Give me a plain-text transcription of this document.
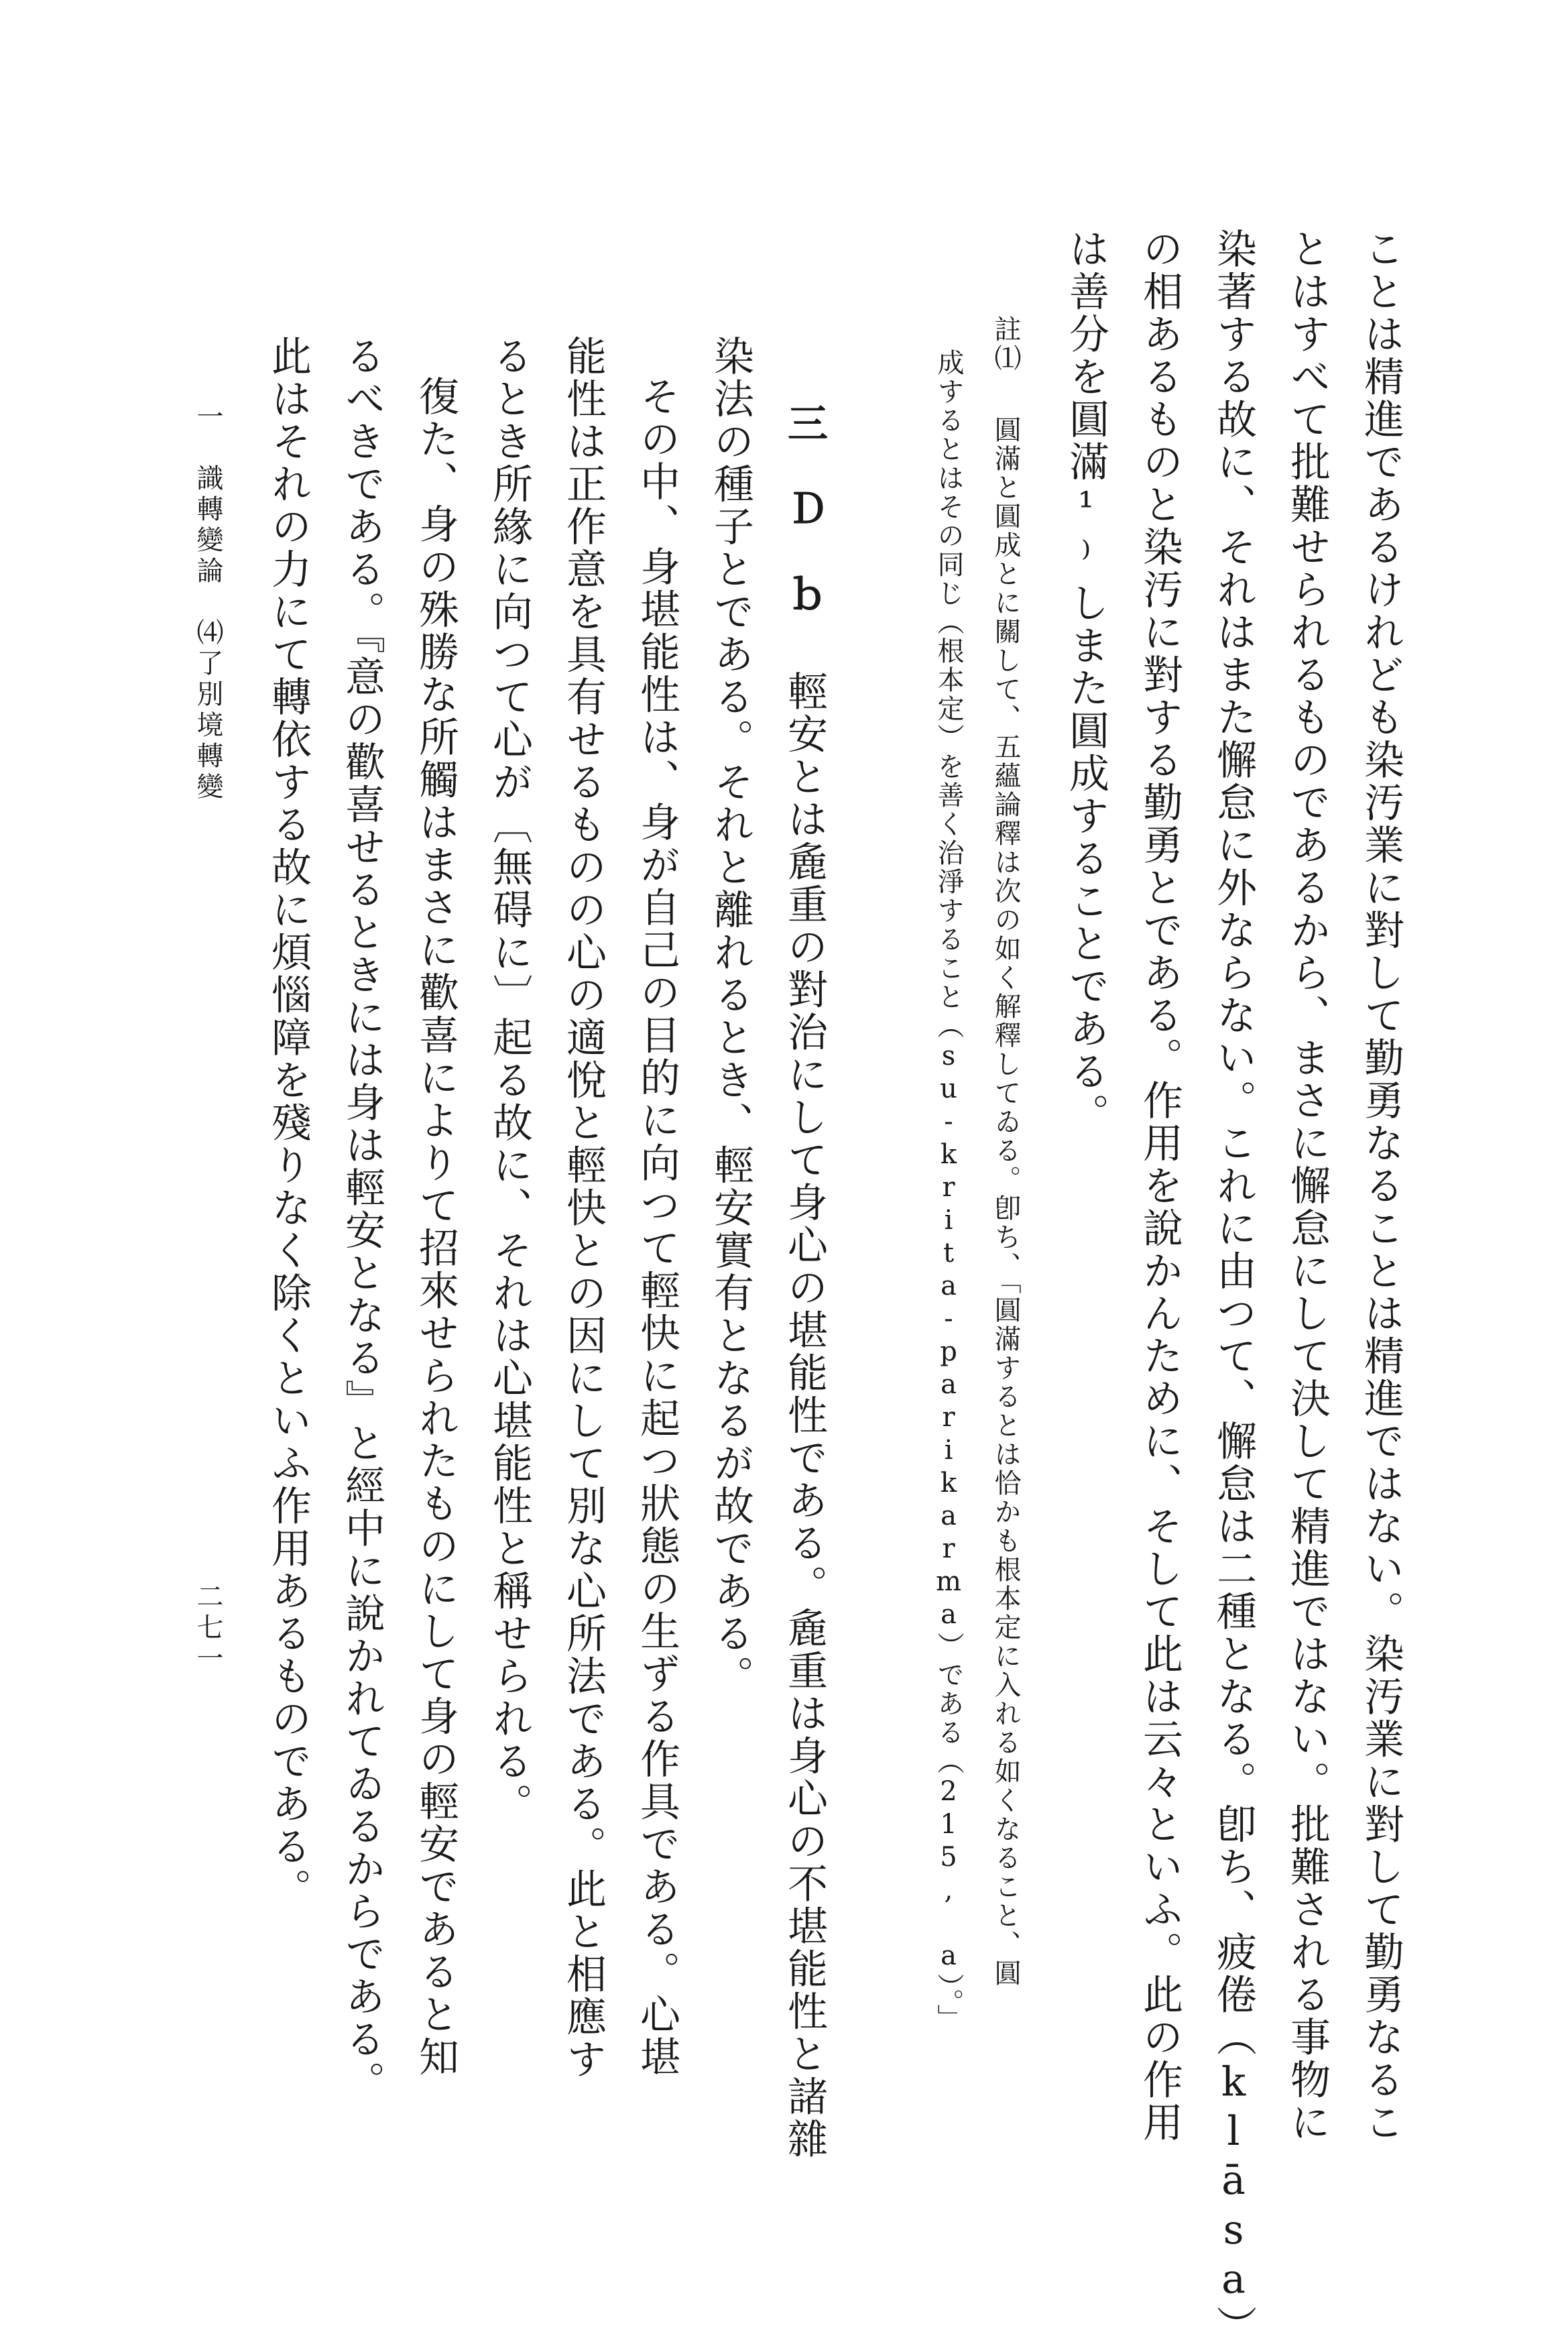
ことは精進であるけれども染汚業に對して勤勇なることは精進ではない。染汚業に對して勤勇なるこ
とはすべて批難せられるものであるから、まさに懈怠にして決して精進ではない。批難される事物に
染著する故に、それはまた懈怠に外ならない。これに由つて、懈怠は二種となる。卽ち、疲倦（klāsa）
の相あるものと染汚に對する勤勇とである。作用を說かんために、そして此は云々といふ。此の作用
は善分を圓滿¹⁾しまた圓成することである。
註⑴
圓滿と圓成とに關して、五蘊論釋は次の如く解釋してゐる。卽ち、「圓滿するとは恰かも根本定に入れる如くなること、圓
成するとはその同じ（根本定）を善く治淨すること（su-krita-parikarma）である（215, a）。」
三　Ｄ　ｂ
輕安とは麁重の對治にして身心の堪能性である。麁重は身心の不堪能性と諸雜
染法の種子とである。それと離れるとき、輕安實有となるが故である。
その中、身堪能性は、身が自己の目的に向つて輕快に起つ狀態の生ずる作具である。心堪
能性は正作意を具有せるものの心の適悅と輕快との因にして別な心所法である。此と相應す
るとき所緣に向つて心が〔無碍に〕起る故に、それは心堪能性と稱せられる。
復た、身の殊勝な所觸はまさに歡喜によりて招來せられたものにして身の輕安であると知
るべきである。『意の歡喜せるときには身は輕安となる』と經中に說かれてゐるからである。
此はそれの力にて轉依する故に煩惱障を殘りなく除くといふ作用あるものである。
一　識轉變論　⑷了別境轉變
二七一
